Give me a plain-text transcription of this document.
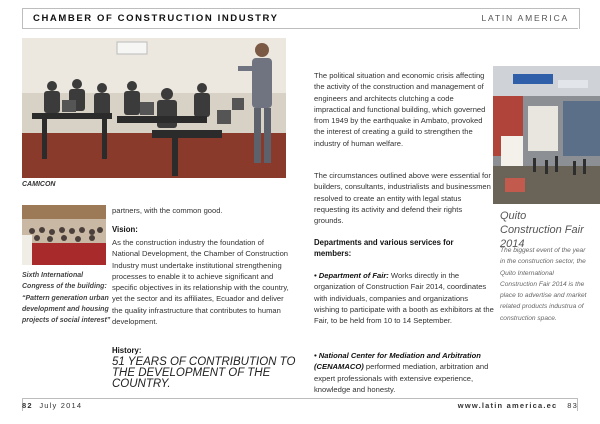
CHAMBER OF CONSTRUCTION INDUSTRY	LATIN AMERICA
CAMICON
Sixth International Congress of the building: “Pattern generation urban development and housing projects of social interest”
partners, with the common good.
Vision:
As the construction industry the foundation of National Development, the Chamber of Construction Industry must undertake institutional strengthening processes to enable it to achieve significant and specific objectives in its relationship with the country, yet the sector and its affiliates, Ecuador and deliver the quality infrastructure that contributes to human development.
History:
51 YEARS OF CONTRIBUTION TO THE DEVELOPMENT OF THE COUNTRY.
The political situation and economic crisis affecting the activity of the construction and management of engineers and architects clutching a code impractical and functional building, which governed from 1949 by the earthquake in Ambato, provoked the interest of creating a guild to strengthen the industry of human welfare.
The circumstances outlined above were essential for builders, consultants, industrialists and businessmen resolved to create an entity with legal status requesting its activity and defend their rights grounds.
Departments and various services for members:
• Department of Fair: Works directly in the organization of Construction Fair 2014, coordinates with individuals, companies and organizations wishing to participate with a booth as exhibitors at the Fair, to be held from 10 to 14 September.
• National Center for Mediation and Arbitration (CENAMACO) performed mediation, arbitration and expert professionals with extensive experience, knowledge and honesty.
Quito Construction Fair 2014
The biggest event of the year in the construction sector, the Quito International Construction Fair 2014 is the place to advertise and market related products industrua of construction space.
82 July 2014	www.latin america.ec 83
